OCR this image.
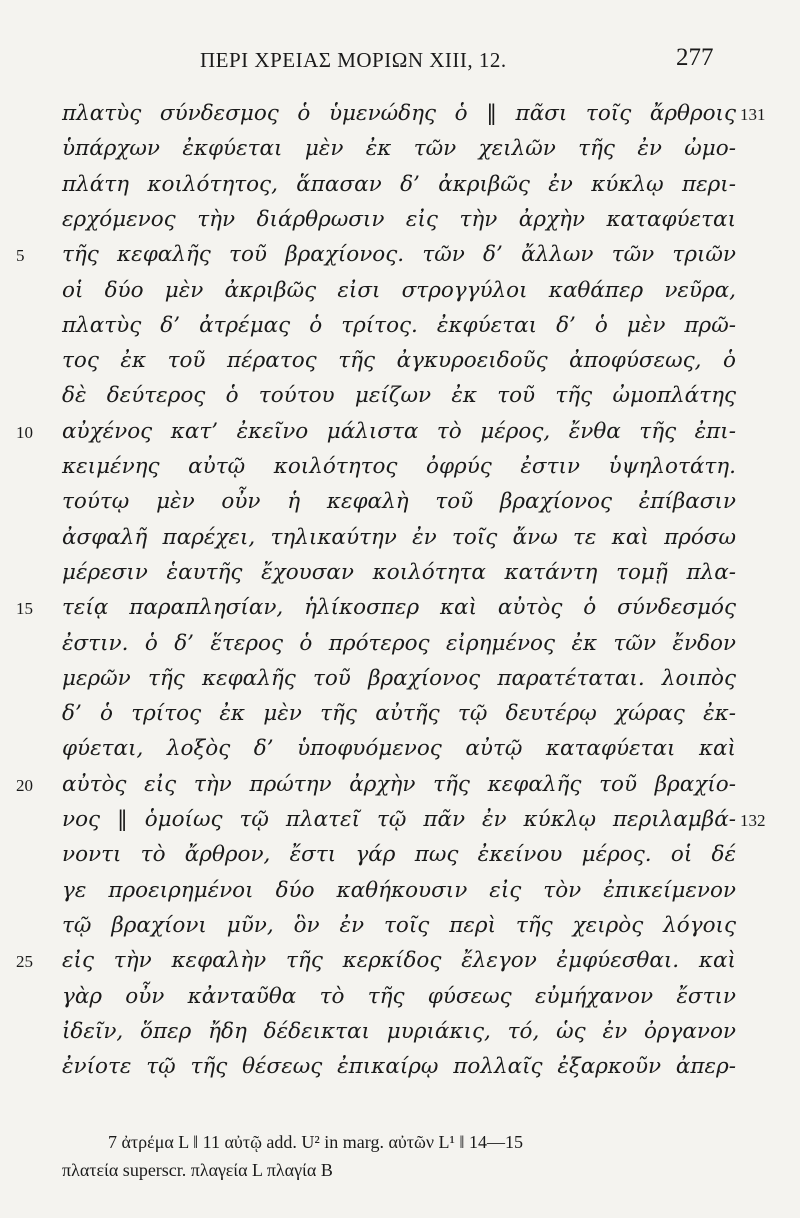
ΠΕΡΙ ΧΡΕΙΑΣ ΜΟΡΙΩΝ ΧΙΙΙ, 12.	277
πλατὺς σύνδεσμος ὁ ὑμενώδης ὁ ‖ πᾶσι τοῖς ἄρθροις 131
ὑπάρχων ἐκφύεται μὲν ἐκ τῶν χειλῶν τῆς ἐν ὠμο-
πλάτη κοιλότητος, ἅπασαν δ’ ἀκριβῶς ἐν κύκλῳ περι-
ερχόμενος τὴν διάρθρωσιν εἰς τὴν ἀρχὴν καταφύεται
τῆς κεφαλῆς τοῦ βραχίονος. τῶν δ’ ἄλλων τῶν τριῶν
5
οἱ δύο μὲν ἀκριβῶς εἰσι στρογγύλοι καθάπερ νεῦρα,
πλατὺς δ’ ἀτρέμας ὁ τρίτος. ἐκφύεται δ’ ὁ μὲν πρῶ-
τος ἐκ τοῦ πέρατος τῆς ἀγκυροειδοῦς ἀποφύσεως, ὁ
δὲ δεύτερος ὁ τούτου μείζων ἐκ τοῦ τῆς ὠμοπλάτης
αὐχένος κατ’ ἐκεῖνο μάλιστα τὸ μέρος, ἔνθα τῆς ἐπι-
10
κειμένης αὐτῷ κοιλότητος ὀφρύς ἐστιν ὑψηλοτάτη.
τούτῳ μὲν οὖν ἡ κεφαλὴ τοῦ βραχίονος ἐπίβασιν
ἀσφαλῆ παρέχει, τηλικαύτην ἐν τοῖς ἄνω τε καὶ πρόσω
μέρεσιν ἑαυτῆς ἔχουσαν κοιλότητα κατάντη τομῇ πλα-
τείᾳ παραπλησίαν, ἡλίκοσπερ καὶ αὐτὸς ὁ σύνδεσμός
15
ἐστιν. ὁ δ’ ἕτερος ὁ πρότερος εἰρημένος ἐκ τῶν ἔνδον
μερῶν τῆς κεφαλῆς τοῦ βραχίονος παρατέταται. λοιπὸς
δ’ ὁ τρίτος ἐκ μὲν τῆς αὐτῆς τῷ δευτέρῳ χώρας ἐκ-
φύεται, λοξὸς δ’ ὑποφυόμενος αὐτῷ καταφύεται καὶ
αὐτὸς εἰς τὴν πρώτην ἀρχὴν τῆς κεφαλῆς τοῦ βραχίο-
20
νος ‖ ὁμοίως τῷ πλατεῖ τῷ πᾶν ἐν κύκλῳ περιλαμβά- 132
νοντι τὸ ἄρθρον, ἔστι γάρ πως ἐκείνου μέρος. οἱ δέ
γε προειρημένοι δύο καθήκουσιν εἰς τὸν ἐπικείμενον
τῷ βραχίονι μῦν, ὃν ἐν τοῖς περὶ τῆς χειρὸς λόγοις
εἰς τὴν κεφαλὴν τῆς κερκίδος ἔλεγον ἐμφύεσθαι. καὶ
25
γὰρ οὖν κἀνταῦθα τὸ τῆς φύσεως εὐμήχανον ἔστιν
ἰδεῖν, ὅπερ ἤδη δέδεικται μυριάκις, τό, ὡς ἐν ὀργανον
ἐνίοτε τῷ τῆς θέσεως ἐπικαίρῳ πολλαῖς ἐξαρκοῦν ἀπερ-
7 ἀτρέμα L ‖ 11 αὐτῷ add. U² in marg. αὐτῶν L¹ ‖ 14—15
πλατεία superscr. πλαγεία L πλαγία B
